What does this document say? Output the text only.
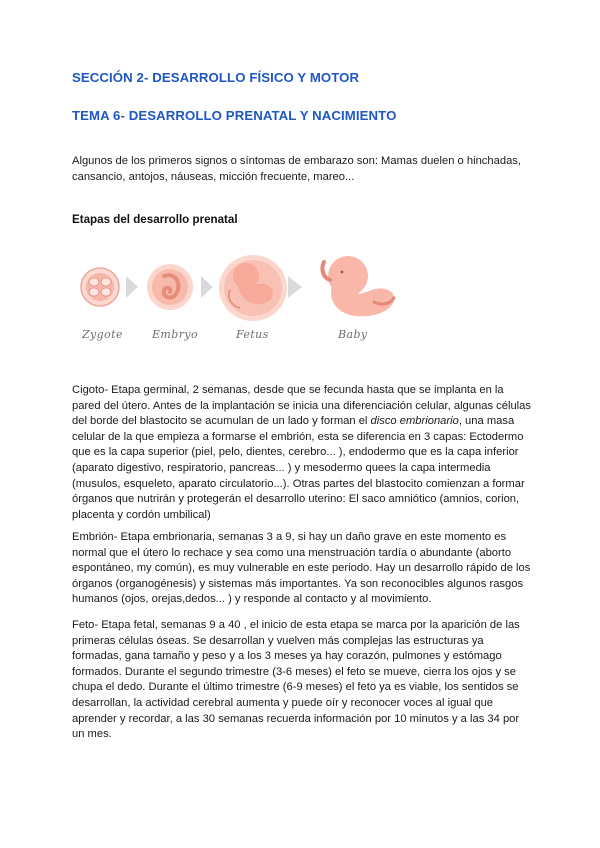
SECCIÓN 2- DESARROLLO FÍSICO Y MOTOR
TEMA 6- DESARROLLO PRENATAL Y NACIMIENTO

Algunos de los primeros signos o síntomas de embarazo son: Mamas duelen o hinchadas, cansancio, antojos, náuseas, micción frecuente, mareo...

Etapas del desarrollo prenatal

Zygote	Embryo	Fetus	Baby

Cigoto- Etapa germinal, 2 semanas, desde que se fecunda hasta que se implanta en la pared del útero. Antes de la implantación se inicia una diferenciación celular, algunas células del borde del blastocito se acumulan de un lado y forman el disco embrionario, una masa celular de la que empieza a formarse el embrión, esta se diferencia en 3 capas: Ectodermo que es la capa superior (piel, pelo, dientes, cerebro... ), endodermo que es la capa inferior (aparato digestivo, respiratorio, pancreas... ) y mesodermo quees la capa intermedia (musulos, esqueleto, aparato circulatorio...). Otras partes del blastocito comienzan a formar órganos que nutrirán y protegerán el desarrollo uterino: El saco amniótico (amnios, corion, placenta y cordón umbilical)

Embrión- Etapa embrionaria, semanas 3 a 9, si hay un daño grave en este momento es normal que el útero lo rechace y sea como una menstruación tardía o abundante (aborto espontáneo, my común), es muy vulnerable en este periodo. Hay un desarrollo rápido de los órganos (organogénesis) y sistemas más importantes. Ya son reconocibles algunos rasgos humanos (ojos, orejas,dedos... ) y responde al contacto y al movimiento.

Feto- Etapa fetal, semanas 9 a 40 , el inicio de esta etapa se marca por la aparición de las primeras células óseas. Se desarrollan y vuelven más complejas las estructuras ya formadas, gana tamaño y peso y a los 3 meses ya hay corazón, pulmones y estómago formados. Durante el segundo trimestre (3-6 meses) el feto se mueve, cierra los ojos y se chupa el dedo. Durante el último trimestre (6-9 meses) el feto ya es viable, los sentidos se desarrollan, la actividad cerebral aumenta y puede oír y reconocer voces al igual que aprender y recordar, a las 30 semanas recuerda información por 10 minutos y a las 34 por un mes.
